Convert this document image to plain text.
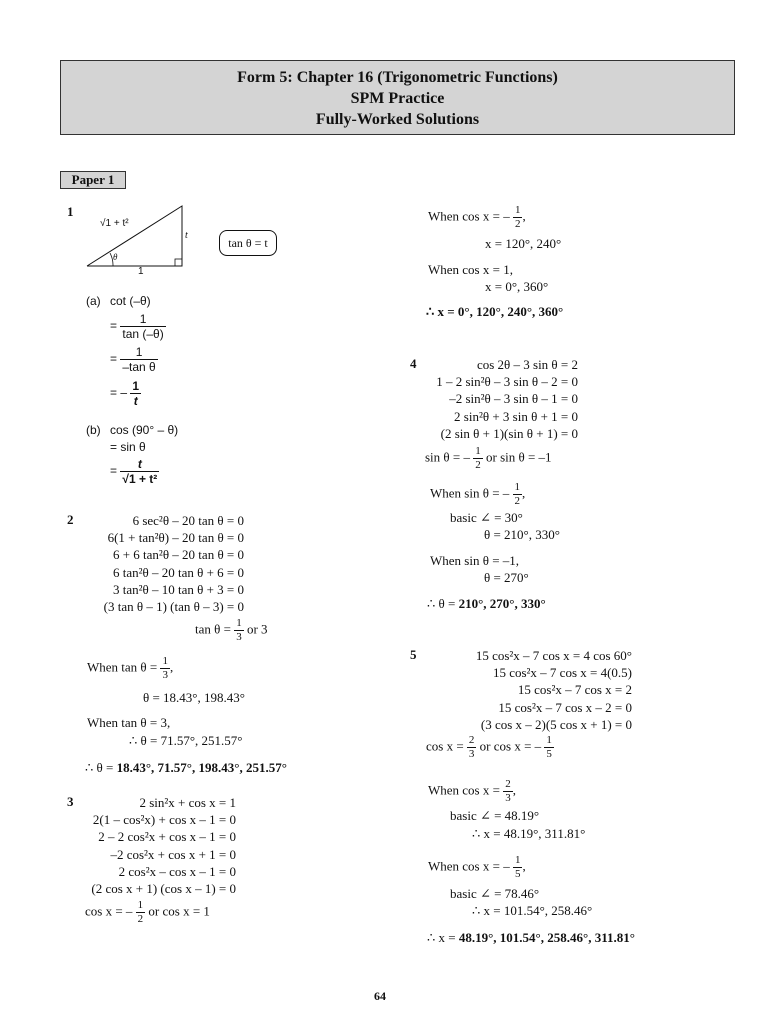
Form 5: Chapter 16 (Trigonometric Functions)
SPM Practice
Fully-Worked Solutions
Paper 1
1
√1 + t²
t
1
θ
tan θ = t
(a) cot (–θ)
= $\frac{1}{\tan (-\theta)}$
= $\frac{1}{\text{–tan θ}}$
= – $\frac{1}{t}$
(b) cos (90° – θ)
= sin θ
= $\frac{t}{\text{√1 + t²}}$
2	6 sec²θ – 20 tan θ = 0
6(1 + tan²θ) – 20 tan θ = 0
6 + 6 tan²θ – 20 tan θ = 0
6 tan²θ – 20 tan θ + 6 = 0
3 tan²θ – 10 tan θ + 3 = 0
(3 tan θ – 1) (tan θ – 3) = 0
$\tan \theta = \frac{1}{3}$ or 3
When $\tan \theta = \frac{1}{3}$ ,
θ = 18.43°, 198.43°
When tan θ = 3,
∴ θ = 71.57°, 251.57°
∴ θ = 18.43°, 71.57°, 198.43°, 251.57°
3	2 sin²x + cos x = 1
2(1 – cos²x) + cos x – 1 = 0
2 – 2 cos²x + cos x – 1 = 0
–2 cos²x + cos x + 1 = 0
2 cos²x – cos x – 1 = 0
(2 cos x + 1) (cos x – 1) = 0
cos x = – $\frac{1}{2}$ or cos x = 1
When cos x = – $\frac{1}{2}$ ,
x = 120°, 240°
When cos x = 1,
x = 0°, 360°
∴ x = 0°, 120°, 240°, 360°
4	cos 2θ – 3 sin θ = 2
1 – 2 sin²θ – 3 sin θ – 2 = 0
–2 sin²θ – 3 sin θ – 1 = 0
2 sin²θ + 3 sin θ + 1 = 0
(2 sin θ + 1)(sin θ + 1) = 0
sin θ = – $\frac{1}{2}$ or sin θ = –1
When sin θ = – $\frac{1}{2}$ ,
basic ∠ = 30°
θ = 210°, 330°
When sin θ = –1,
θ = 270°
∴ θ = 210°, 270°, 330°
5	15 cos²x – 7 cos x = 4 cos 60°
15 cos²x – 7 cos x = 4(0.5)
15 cos²x – 7 cos x = 2
15 cos²x – 7 cos x – 2 = 0
(3 cos x – 2)(5 cos x + 1) = 0
$\cos x = \frac{2}{3}$ or cos x = – $\frac{1}{5}$
When $\cos x = \frac{2}{3}$ ,
basic ∠ = 48.19°
∴ x = 48.19°, 311.81°
When cos x = – $\frac{1}{5}$ ,
basic ∠ = 78.46°
∴ x = 101.54°, 258.46°
∴ x = 48.19°, 101.54°, 258.46°, 311.81°
64
